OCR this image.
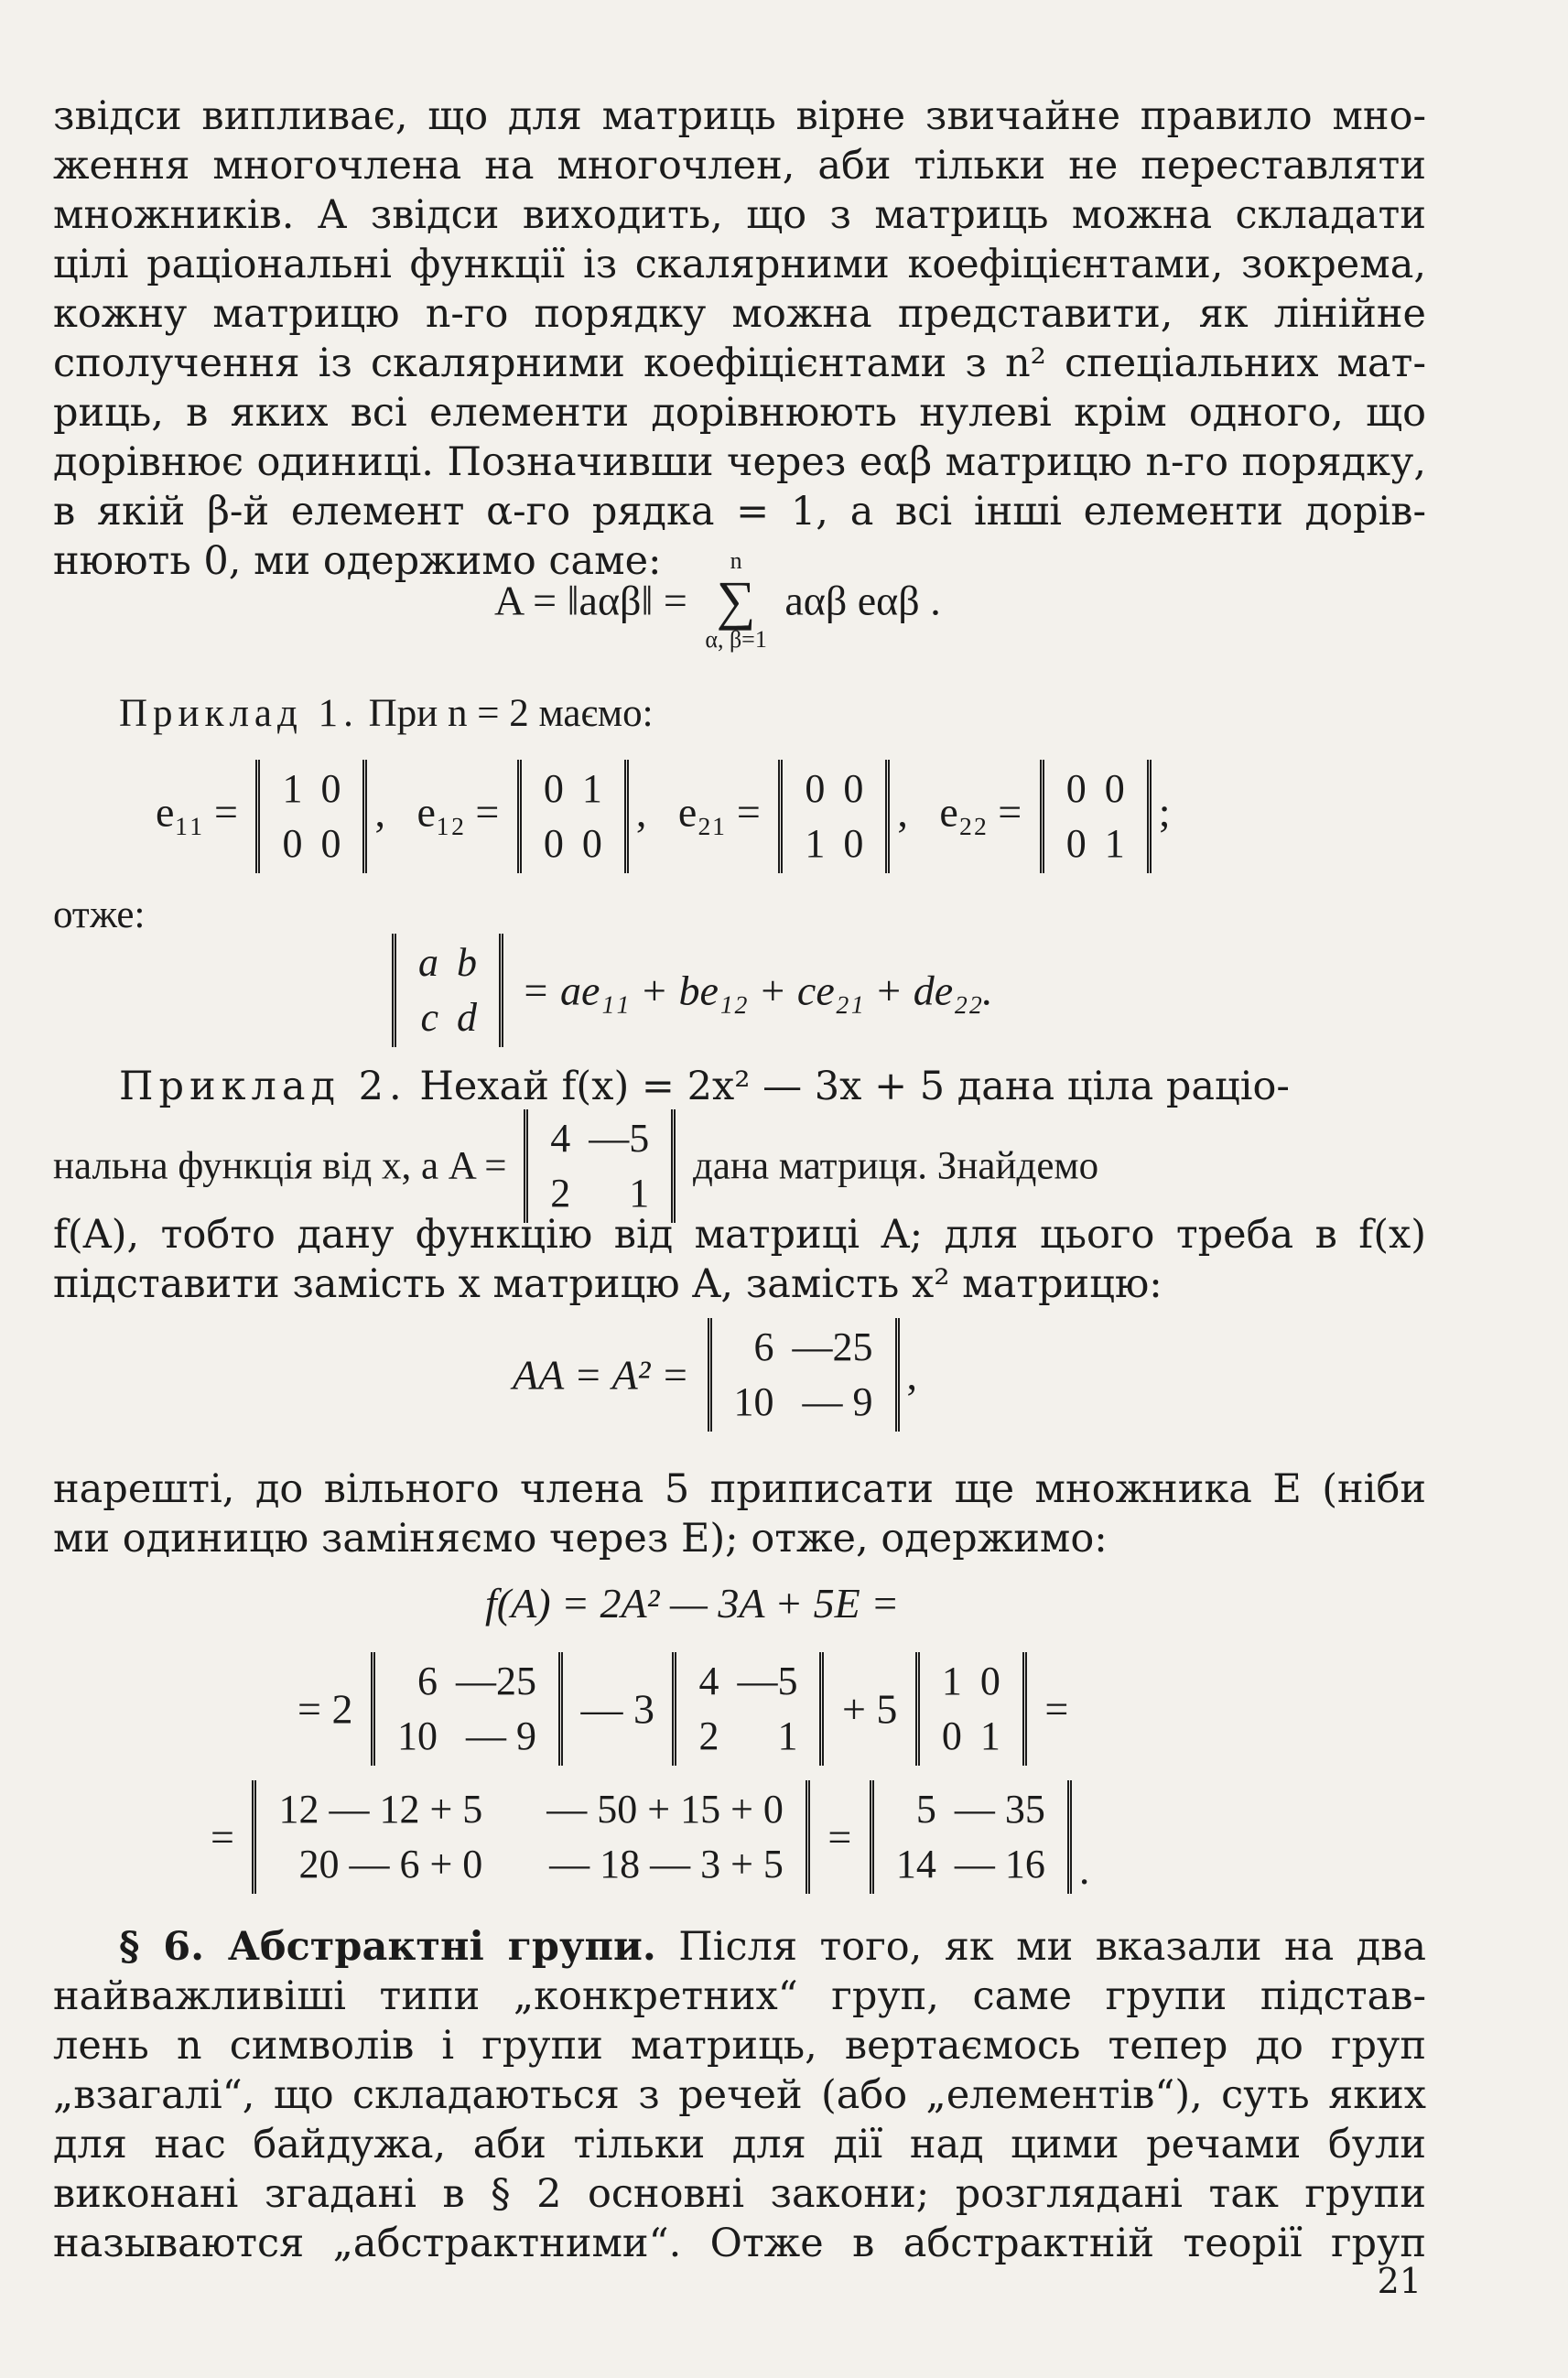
звідси випливає, що для матриць вірне звичайне правило мно-
ження многочлена на многочлен, аби тільки не переставляти
множників. А звідси виходить, що з матриць можна складати
цілі раціональні функції із скалярними коефіцієнтами, зокрема,
кожну матрицю n-го порядку можна представити, як лінійне
сполучення із скалярними коефіцієнтами з n² спеціальних мат-
риць, в яких всі елементи дорівнюють нулеві крім одного, що
дорівнює одиниці. Позначивши через eαβ матрицю n-го порядку,
в якій β-й елемент α-го рядка = 1, а всі інші елементи дорів-
нюють 0, ми одержимо саме:
A = ‖aαβ‖ =
n
∑
α, β=1
aαβ eαβ .
Приклад 1. При n = 2 маємо:
e₁₁ =
1	0
0	0
, e₁₂ =
0	1
0	0
, e₂₁ =
0	0
1	0
, e₂₂ =
0	0
0	1
;
отже:
a	b
c	d
= ae₁₁ + be₁₂ + ce₂₁ + de₂₂.
Приклад 2. Нехай f(x) = 2x² — 3x + 5 дана ціла раціо-
нальна функція від x, а A =
4	—5
2	1
дана матриця. Знайдемо
f(A), тобто дану функцію від матриці A; для цього треба в f(x)
підставити замість x матрицю A, замість x² матрицю:
AA = A² =
6	—25
10	— 9
,
нарешті, до вільного члена 5 приписати ще множника E (ніби
ми одиницю заміняємо через E); отже, одержимо:
f(A) = 2A² — 3A + 5E =
= 2
6	—25
10	— 9
— 3
4	—5
2	1
+ 5
1	0
0	1
=
=
12 — 12 + 5	— 50 + 15 + 0
20 — 6 + 0	— 18 — 3 + 5
=
5	— 35
14	— 16 .
§ 6. Абстрактні групи. Після того, як ми вказали на два
найважливіші типи „конкретних“ груп, саме групи підстав-
лень n символів і групи матриць, вертаємось тепер до груп
„взагалі“, що складаються з речей (або „елементів“), суть яких
для нас байдужа, аби тільки для дії над цими речами були
виконані згадані в § 2 основні закони; розглядані так групи
называются „абстрактними“. Отже в абстрактній теорії груп
21
